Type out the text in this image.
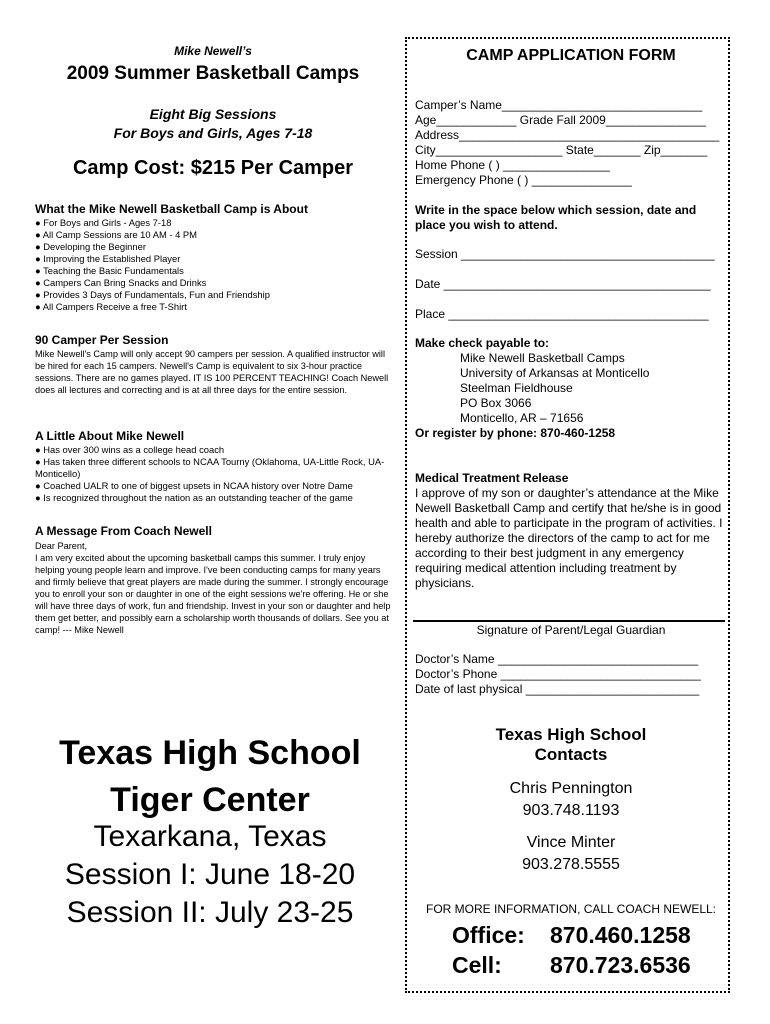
Mike Newell’s
2009 Summer Basketball Camps
Eight Big Sessions
For Boys and Girls, Ages 7-18
Camp Cost: $215 Per Camper
What the Mike Newell Basketball Camp is About
● For Boys and Girls - Ages 7-18
● All Camp Sessions are 10 AM - 4 PM
● Developing the Beginner
● Improving the Established Player
● Teaching the Basic Fundamentals
● Campers Can Bring Snacks and Drinks
● Provides 3 Days of Fundamentals, Fun and Friendship
● All Campers Receive a free T-Shirt
90 Camper Per Session
Mike Newell's Camp will only accept 90 campers per session. A qualified instructor will be hired for each 15 campers. Newell's Camp is equivalent to six 3-hour practice sessions. There are no games played. IT IS 100 PERCENT TEACHING! Coach Newell does all lectures and correcting and is at all three days for the entire session.
A Little About Mike Newell
● Has over 300 wins as a college head coach
● Has taken three different schools to NCAA Tourny (Oklahoma, UA-Little Rock, UA-Monticello)
● Coached UALR to one of biggest upsets in NCAA history over Notre Dame
● Is recognized throughout the nation as an outstanding teacher of the game
A Message From Coach Newell
Dear Parent,
I am very excited about the upcoming basketball camps this summer. I truly enjoy helping young people learn and improve. I've been conducting camps for many years and firmly believe that great players are made during the summer. I strongly encourage you to enroll your son or daughter in one of the eight sessions we're offering. He or she will have three days of work, fun and friendship. Invest in your son or daughter and help them get better, and possibly earn a scholarship worth thousands of dollars. See you at camp! --- Mike Newell
Texas High School
Tiger Center
Texarkana, Texas
Session I: June 18-20
Session II: July 23-25
CAMP APPLICATION FORM
Camper’s Name______________________________
Age____________ Grade Fall 2009_______________
Address_______________________________________
City___________________ State_______ Zip_______
Home Phone ( ) ________________
Emergency Phone ( ) _______________
Write in the space below which session, date and place you wish to attend.
Session ______________________________________
Date ________________________________________
Place _______________________________________
Make check payable to:
Mike Newell Basketball Camps
University of Arkansas at Monticello
Steelman Fieldhouse
PO Box 3066
Monticello, AR – 71656
Or register by phone: 870-460-1258
Medical Treatment Release
I approve of my son or daughter’s attendance at the Mike Newell Basketball Camp and certify that he/she is in good health and able to participate in the program of activities. I hereby authorize the directors of the camp to act for me according to their best judgment in any emergency requiring medical attention including treatment by physicians.
Signature of Parent/Legal Guardian
Doctor’s Name ______________________________
Doctor’s Phone ______________________________
Date of last physical __________________________
Texas High School
Contacts
Chris Pennington
903.748.1193
Vince Minter
903.278.5555
FOR MORE INFORMATION, CALL COACH NEWELL:
Office: 870.460.1258
Cell: 870.723.6536
